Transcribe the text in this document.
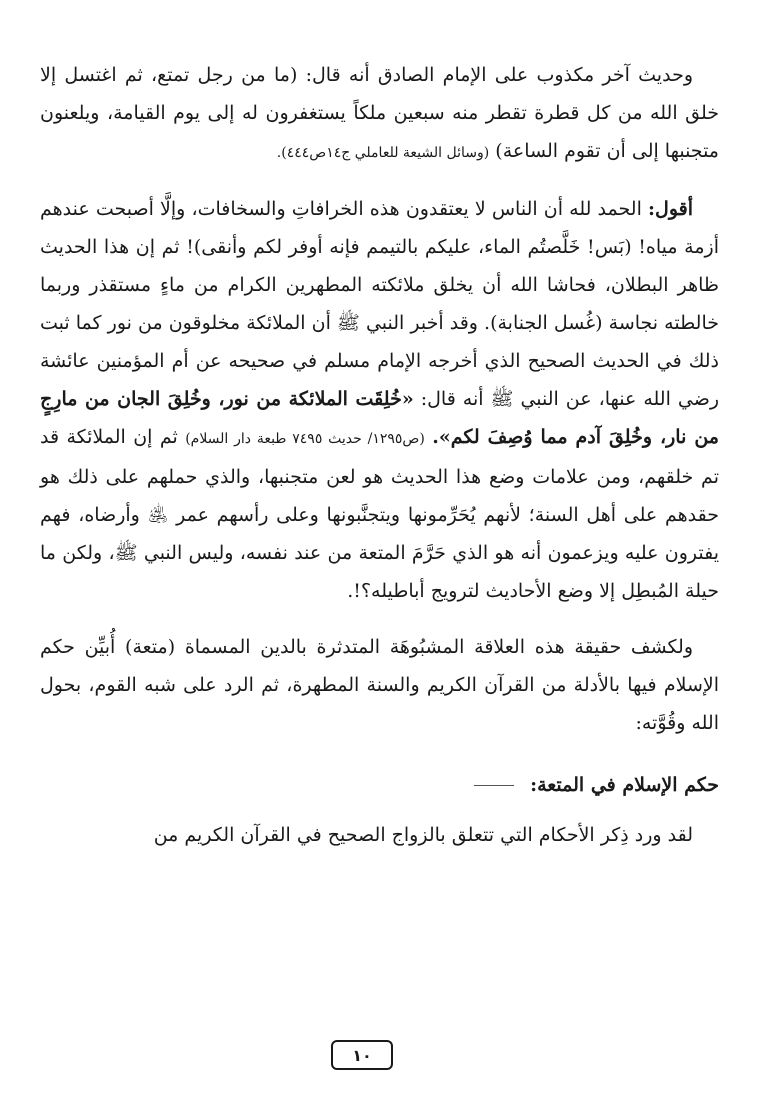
وحديث آخر مكذوب على الإمام الصادق أنه قال: (ما من رجل تمتع، ثم اغتسل إلا خلق الله من كل قطرة تقطر منه سبعين ملكاً يستغفرون له إلى يوم القيامة، ويلعنون متجنبها إلى أن تقوم الساعة) (وسائل الشيعة للعاملي ج١٤ص٤٤٤).

أقول: الحمد لله أن الناس لا يعتقدون هذه الخرافاتِ والسخافات، وإلَّا أصبحت عندهم أزمة مياه! (بَس! خَلَّصتُم الماء، عليكم بالتيمم فإنه أوفر لكم وأنقى)! ثم إن هذا الحديث ظاهر البطلان، فحاشا الله أن يخلق ملائكته المطهرين الكرام من ماءٍ مستقذر وربما خالطته نجاسة (غُسل الجنابة). وقد أخبر النبي ﷺ أن الملائكة مخلوقون من نور كما ثبت ذلك في الحديث الصحيح الذي أخرجه الإمام مسلم في صحيحه عن أم المؤمنين عائشة رضي الله عنها، عن النبي ﷺ أنه قال: «خُلِقَت الملائكة من نور، وخُلِقَ الجان من مارِجٍ من نار، وخُلِقَ آدم مما وُصِفَ لكم». (ص١٢٩٥/ حديث ٧٤٩٥ طبعة دار السلام) ثم إن الملائكة قد تم خلقهم، ومن علامات وضع هذا الحديث هو لعن متجنبها، والذي حملهم على ذلك هو حقدهم على أهل السنة؛ لأنهم يُحَرِّمونها ويتجنَّبونها وعلى رأسهم عمر ﵁ وأرضاه، فهم يفترون عليه ويزعمون أنه هو الذي حَرَّمَ المتعة من عند نفسه، وليس النبي ﷺ، ولكن ما حيلة المُبطِل إلا وضع الأحاديث لترويج أباطيله؟!.

ولكشف حقيقة هذه العلاقة المشبُوهَة المتدثرة بالدين المسماة (متعة) أُبيِّن حكم الإسلام فيها بالأدلة من القرآن الكريم والسنة المطهرة، ثم الرد على شبه القوم، بحول الله وقُوَّته:

حكم الإسلام في المتعة:

لقد ورد ذِكر الأحكام التي تتعلق بالزواج الصحيح في القرآن الكريم من

١٠
